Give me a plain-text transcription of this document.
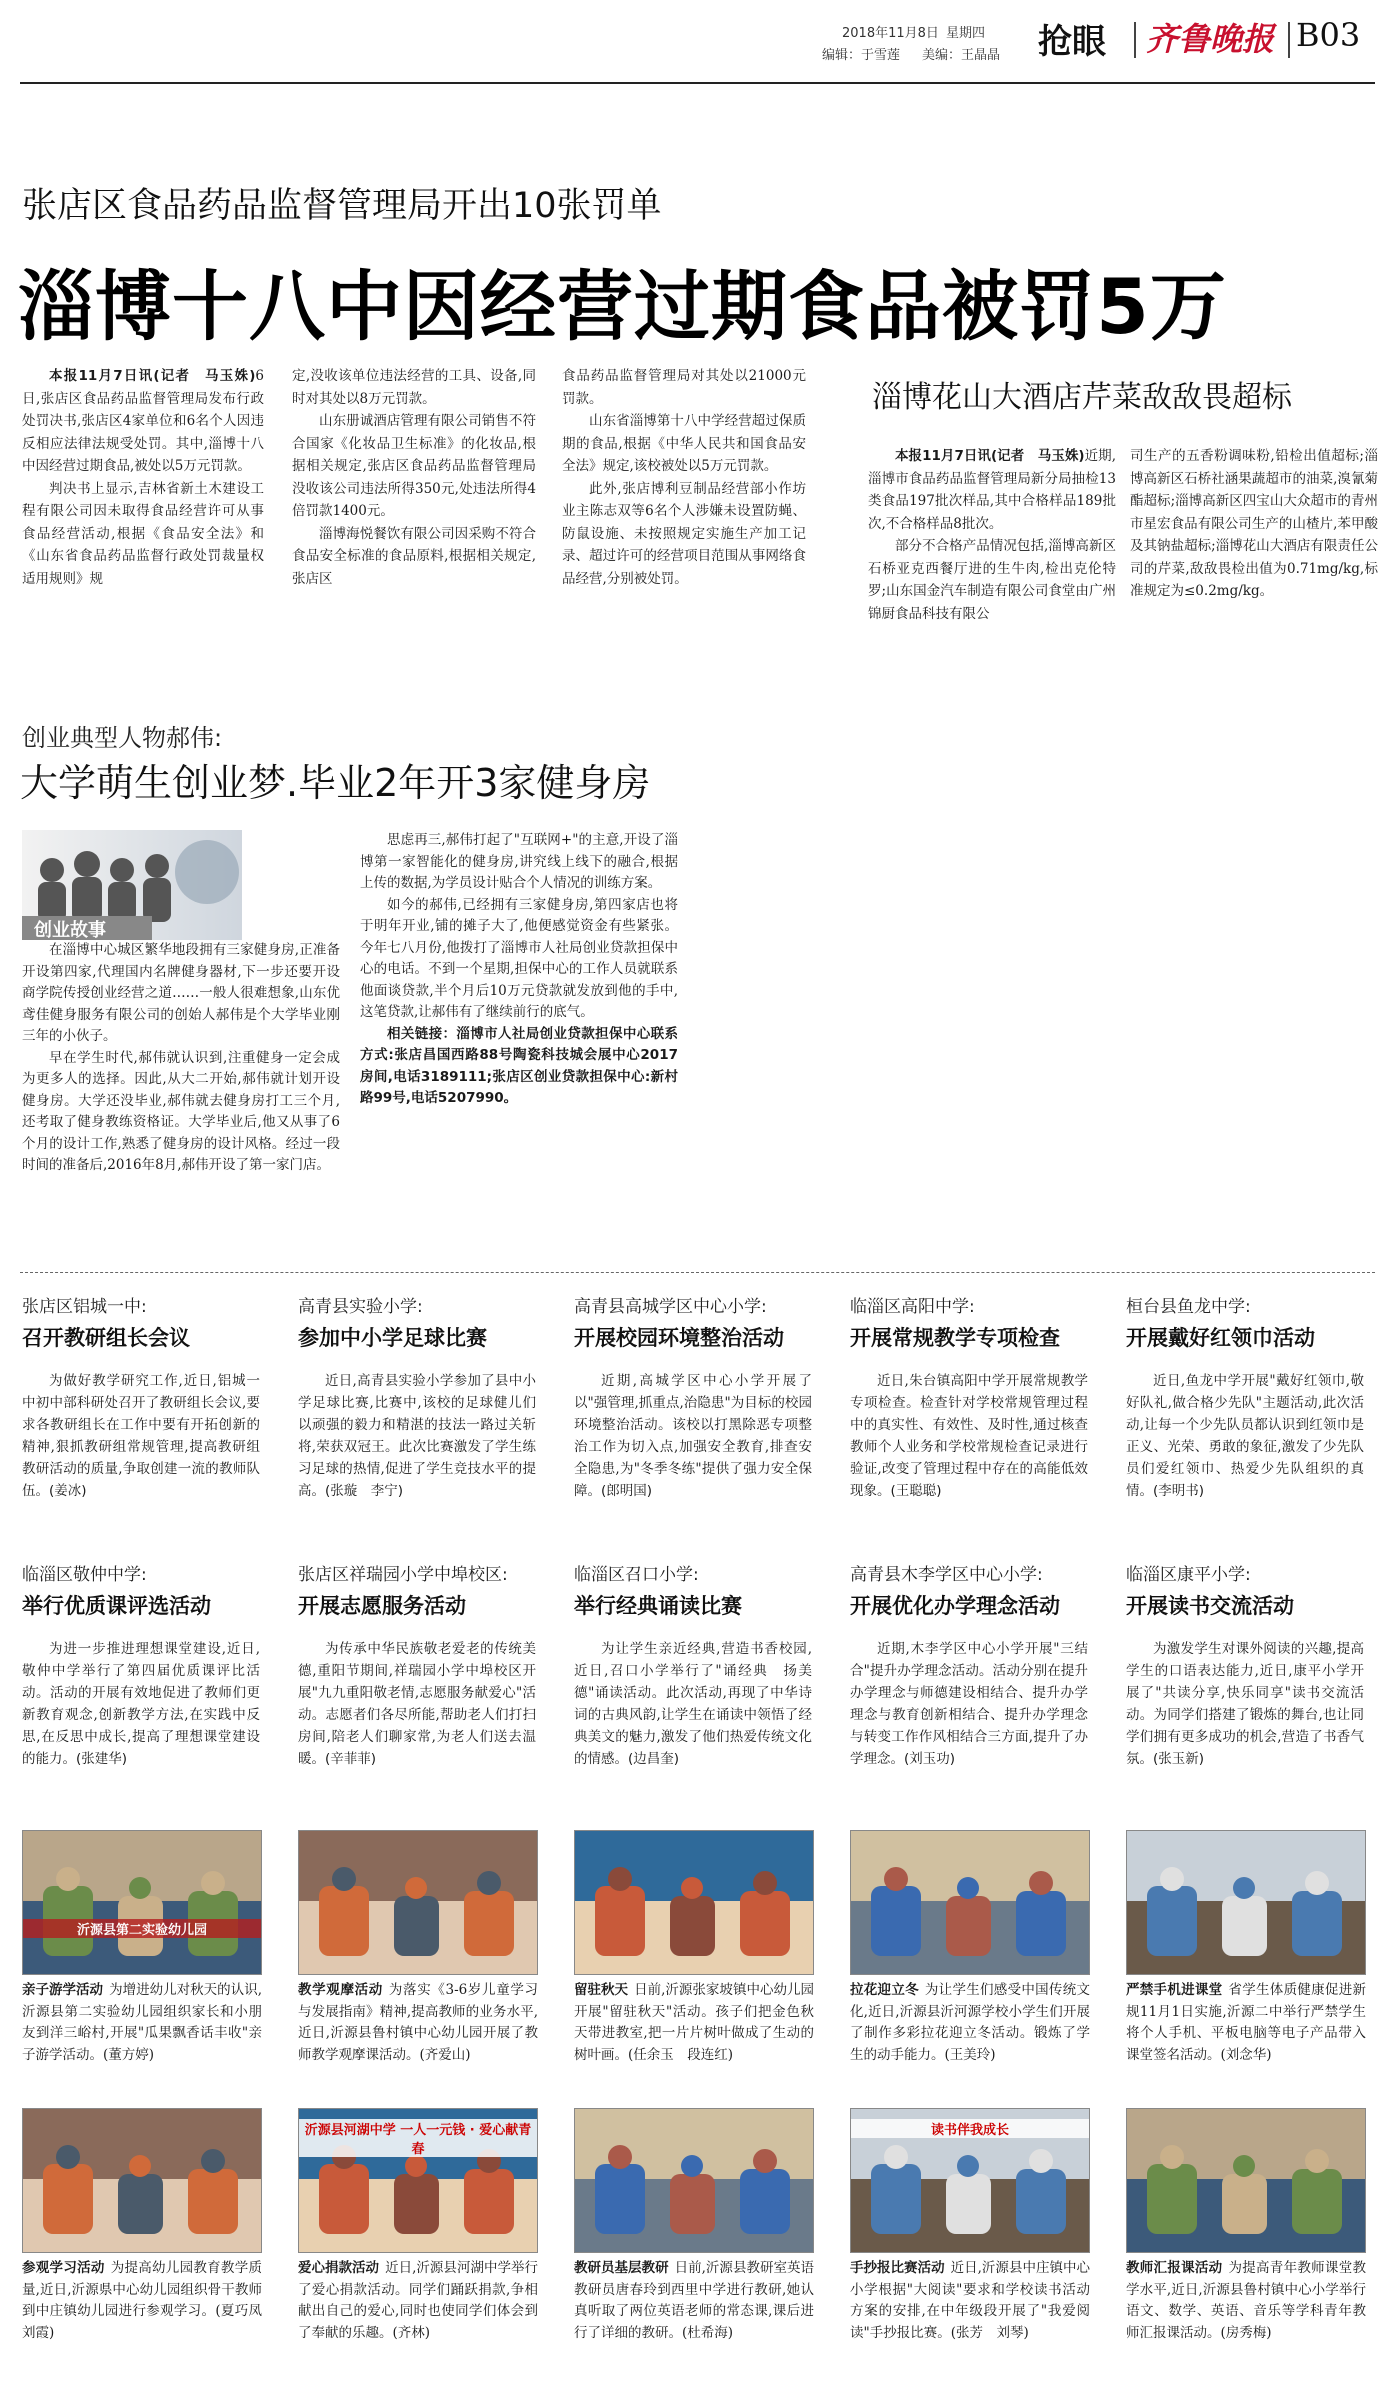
2018年11月8日 星期四
编辑：于雪莲 美编：王晶晶 抢眼 齐鲁晚报 B03
张店区食品药品监督管理局开出10张罚单
淄博十八中因经营过期食品被罚5万

本报11月7日讯(记者　马玉姝)6日,张店区食品药品监督管理局发布行政处罚决书,张店区4家单位和6名个人因违反相应法律法规受处罚。其中,淄博十八中因经营过期食品,被处以5万元罚款。

判决书上显示,吉林省新土木建设工程有限公司因未取得食品经营许可从事食品经营活动,根据《食品安全法》和《山东省食品药品监督行政处罚裁量权适用规则》规

定,没收该单位违法经营的工具、设备,同时对其处以8万元罚款。

山东册诚酒店管理有限公司销售不符合国家《化妆品卫生标准》的化妆品,根据相关规定,张店区食品药品监督管理局没收该公司违法所得350元,处违法所得4倍罚款1400元。

淄博海悦餐饮有限公司因采购不符合食品安全标准的食品原料,根据相关规定,张店区

食品药品监督管理局对其处以21000元罚款。

山东省淄博第十八中学经营超过保质期的食品,根据《中华人民共和国食品安全法》规定,该校被处以5万元罚款。

此外,张店博利豆制品经营部小作坊业主陈志双等6名个人涉嫌未设置防蝇、防鼠设施、未按照规定实施生产加工记录、超过许可的经营项目范围从事网络食品经营,分别被处罚。

淄博花山大酒店芹菜敌敌畏超标

本报11月7日讯(记者　马玉姝)近期,淄博市食品药品监督管理局新分局抽检13类食品197批次样品,其中合格样品189批次,不合格样品8批次。

部分不合格产品情况包括,淄博高新区石桥亚克西餐厅进的生牛肉,检出克伦特罗;山东国金汽车制造有限公司食堂由广州锦厨食品科技有限公

司生产的五香粉调味粉,铅检出值超标;淄博高新区石桥社涵果蔬超市的油菜,溴氰菊酯超标;淄博高新区四宝山大众超市的青州市星宏食品有限公司生产的山楂片,苯甲酸及其钠盐超标;淄博花山大酒店有限责任公司的芹菜,敌敌畏检出值为0.71mg/kg,标准规定为≤0.2mg/kg。

创业典型人物郝伟:
大学萌生创业梦.毕业2年开3家健身房
创业故事

在淄博中心城区繁华地段拥有三家健身房,正准备开设第四家,代理国内名牌健身器材,下一步还要开设商学院传授创业经营之道……一般人很难想象,山东优鸢佳健身服务有限公司的创始人郝伟是个大学毕业刚三年的小伙子。

早在学生时代,郝伟就认识到,注重健身一定会成为更多人的选择。因此,从大二开始,郝伟就计划开设健身房。大学还没毕业,郝伟就去健身房打工三个月,还考取了健身教练资格证。大学毕业后,他又从事了6个月的设计工作,熟悉了健身房的设计风格。经过一段时间的准备后,2016年8月,郝伟开设了第一家门店。

思虑再三,郝伟打起了"互联网+"的主意,开设了淄博第一家智能化的健身房,讲究线上线下的融合,根据上传的数据,为学员设计贴合个人情况的训练方案。

如今的郝伟,已经拥有三家健身房,第四家店也将于明年开业,铺的摊子大了,他便感觉资金有些紧张。今年七八月份,他拨打了淄博市人社局创业贷款担保中心的电话。不到一个星期,担保中心的工作人员就联系他面谈贷款,半个月后10万元贷款就发放到他的手中,这笔贷款,让郝伟有了继续前行的底气。

相关链接：淄博市人社局创业贷款担保中心联系方式:张店昌国西路88号陶瓷科技城会展中心2017房间,电话3189111;张店区创业贷款担保中心:新村路99号,电话5207990。

张店区铝城一中:
召开教研组长会议

为做好教学研究工作,近日,铝城一中初中部科研处召开了教研组长会议,要求各教研组长在工作中要有开拓创新的精神,狠抓教研组常规管理,提高教研组教研活动的质量,争取创建一流的教师队伍。(姜冰)

高青县实验小学:
参加中小学足球比赛

近日,高青县实验小学参加了县中小学足球比赛,比赛中,该校的足球健儿们以顽强的毅力和精湛的技法一路过关斩将,荣获双冠王。此次比赛激发了学生练习足球的热情,促进了学生竞技水平的提高。(张璇　李宁)

高青县高城学区中心小学:
开展校园环境整治活动

近期,高城学区中心小学开展了以"强管理,抓重点,治隐患"为目标的校园环境整治活动。该校以打黑除恶专项整治工作为切入点,加强安全教育,排查安全隐患,为"冬季冬练"提供了强力安全保障。(郎明国)

临淄区高阳中学:
开展常规教学专项检查

近日,朱台镇高阳中学开展常规教学专项检查。检查针对学校常规管理过程中的真实性、有效性、及时性,通过核查教师个人业务和学校常规检查记录进行验证,改变了管理过程中存在的高能低效现象。(王聪聪)

桓台县鱼龙中学:
开展戴好红领巾活动

近日,鱼龙中学开展"戴好红领巾,敬好队礼,做合格少先队"主题活动,此次活动,让每一个少先队员都认识到红领巾是正义、光荣、勇敢的象征,激发了少先队员们爱红领巾、热爱少先队组织的真情。(李明书)

临淄区敬仲中学:
举行优质课评选活动

为进一步推进理想课堂建设,近日,敬仲中学举行了第四届优质课评比活动。活动的开展有效地促进了教师们更新教育观念,创新教学方法,在实践中反思,在反思中成长,提高了理想课堂建设的能力。(张建华)

张店区祥瑞园小学中埠校区:
开展志愿服务活动

为传承中华民族敬老爱老的传统美德,重阳节期间,祥瑞园小学中埠校区开展"九九重阳敬老情,志愿服务献爱心"活动。志愿者们各尽所能,帮助老人们打扫房间,陪老人们聊家常,为老人们送去温暖。(辛菲菲)

临淄区召口小学:
举行经典诵读比赛

为让学生亲近经典,营造书香校园,近日,召口小学举行了"诵经典　扬美德"诵读活动。此次活动,再现了中华诗词的古典风韵,让学生在诵读中领悟了经典美文的魅力,激发了他们热爱传统文化的情感。(边昌奎)

高青县木李学区中心小学:
开展优化办学理念活动

近期,木李学区中心小学开展"三结合"提升办学理念活动。活动分别在提升办学理念与师德建设相结合、提升办学理念与教育创新相结合、提升办学理念与转变工作作风相结合三方面,提升了办学理念。(刘玉功)

临淄区康平小学:
开展读书交流活动

为激发学生对课外阅读的兴趣,提高学生的口语表达能力,近日,康平小学开展了"共读分享,快乐同享"读书交流活动。为同学们搭建了锻炼的舞台,也让同学们拥有更多成功的机会,营造了书香气氛。(张玉新)

沂源县第二实验幼儿园
亲子游学活动 为增进幼儿对秋天的认识,沂源县第二实验幼儿园组织家长和小朋友到洋三峪村,开展"瓜果飘香话丰收"亲子游学活动。(董方婷)
教学观摩活动 为落实《3-6岁儿童学习与发展指南》精神,提高教师的业务水平,近日,沂源县鲁村镇中心幼儿园开展了教师教学观摩课活动。(齐爱山)
留驻秋天 日前,沂源张家坡镇中心幼儿园开展"留驻秋天"活动。孩子们把金色秋天带进教室,把一片片树叶做成了生动的树叶画。(任余玉　段连红)
拉花迎立冬 为让学生们感受中国传统文化,近日,沂源县沂河源学校小学生们开展了制作多彩拉花迎立冬活动。锻炼了学生的动手能力。(王美玲)
严禁手机进课堂 省学生体质健康促进新规11月1日实施,沂源二中举行严禁学生将个人手机、平板电脑等电子产品带入课堂签名活动。(刘念华)
参观学习活动 为提高幼儿园教育教学质量,近日,沂源県中心幼儿园组织骨干教师到中庄镇幼儿园进行参观学习。(夏巧凤　刘霞)
沂源县河湖中学 一人一元钱 · 爱心献青春
爱心捐款活动 近日,沂源县河湖中学举行了爱心捐款活动。同学们踊跃捐款,争相献出自己的爱心,同时也使同学们体会到了奉献的乐趣。(齐林)
教研员基层教研 日前,沂源县教研室英语教研员唐春玲到西里中学进行教研,她认真听取了两位英语老师的常态课,课后进行了详细的教研。(杜希海)
读书伴我成长
手抄报比赛活动 近日,沂源县中庄镇中心小学根据"大阅读"要求和学校读书活动方案的安排,在中年级段开展了"我爱阅读"手抄报比赛。(张芳　刘琴)
教师汇报课活动 为提高青年教师课堂教学水平,近日,沂源县鲁村镇中心小学举行语文、数学、英语、音乐等学科青年教师汇报课活动。(房秀梅)
